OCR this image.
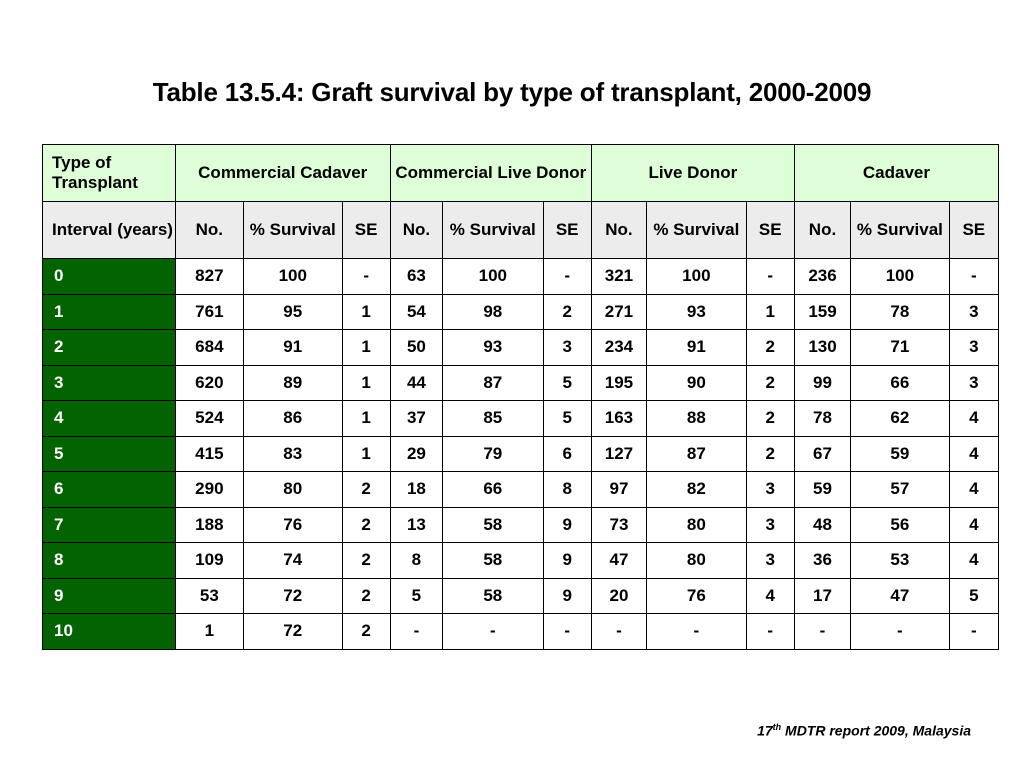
Table 13.5.4: Graft survival by type of transplant, 2000-2009
Type of Transplant	Commercial Cadaver			Commercial Live Donor			Live Donor			Cadaver		
Interval (years)	No.	% Survival	SE	No.	% Survival	SE	No.	% Survival	SE	No.	% Survival	SE
0	827	100	-	63	100	-	321	100	-	236	100	-
1	761	95	1	54	98	2	271	93	1	159	78	3
2	684	91	1	50	93	3	234	91	2	130	71	3
3	620	89	1	44	87	5	195	90	2	99	66	3
4	524	86	1	37	85	5	163	88	2	78	62	4
5	415	83	1	29	79	6	127	87	2	67	59	4
6	290	80	2	18	66	8	97	82	3	59	57	4
7	188	76	2	13	58	9	73	80	3	48	56	4
8	109	74	2	8	58	9	47	80	3	36	53	4
9	53	72	2	5	58	9	20	76	4	17	47	5
10	1	72	2	-	-	-	-	-	-	-	-	-
17th MDTR report 2009, Malaysia
